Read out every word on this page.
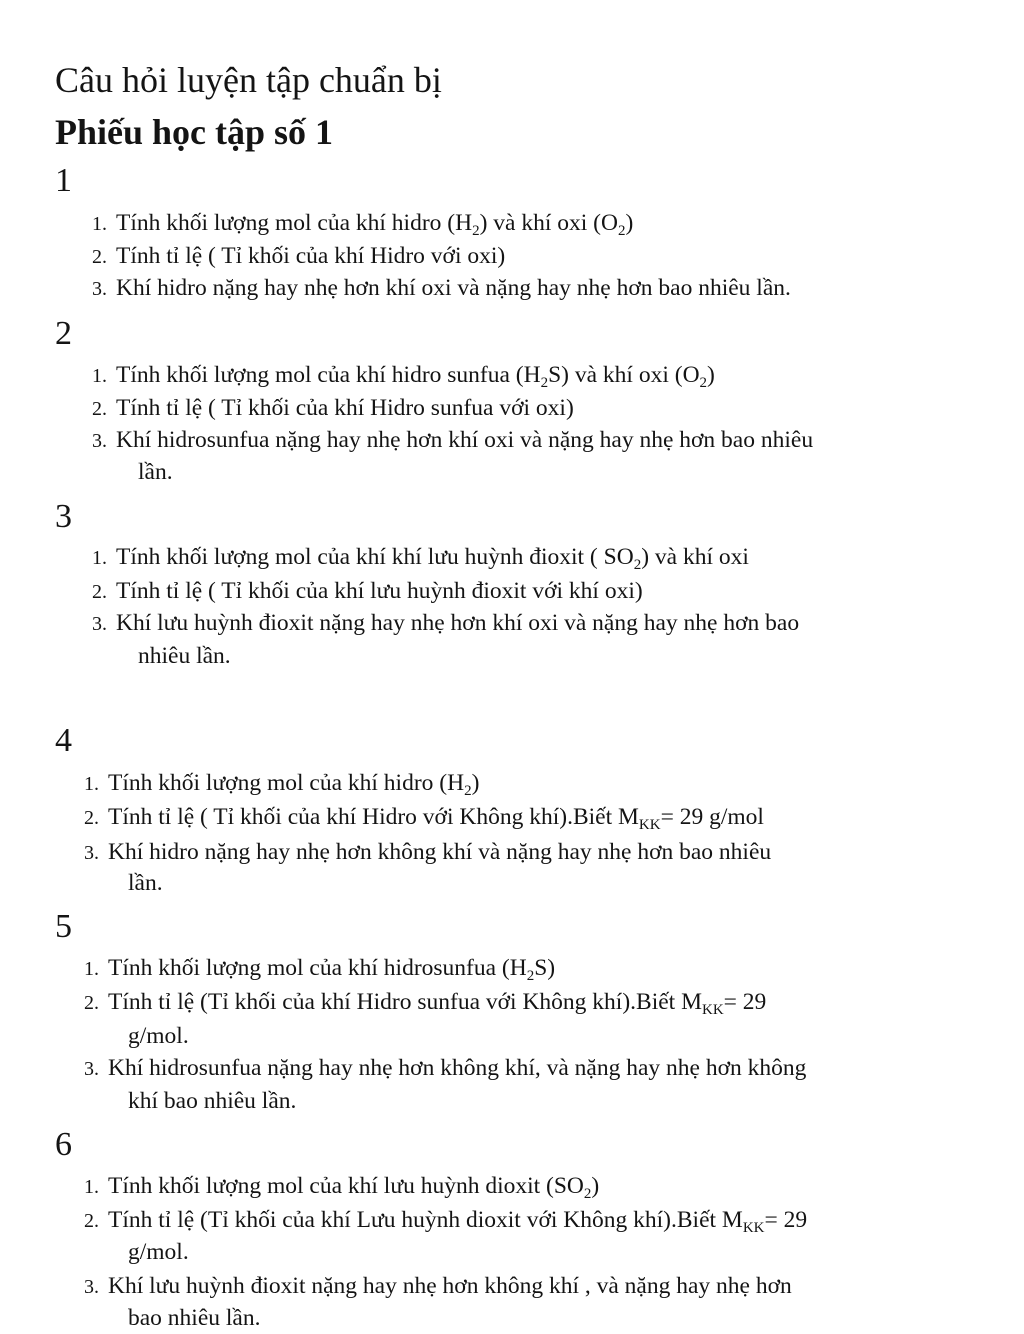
Câu hỏi luyện tập chuẩn bị
Phiếu học tập số 1
1
1. Tính khối lượng mol của khí hidro $(H_2)$ và khí oxi $(O_2)$
2. Tính tỉ lệ ( Tỉ khối của khí Hidro với oxi)
3. Khí hidro nặng hay nhẹ hơn khí oxi và nặng hay nhẹ hơn bao nhiêu lần.
2
1. Tính khối lượng mol của khí hidro sunfua $(H_2S)$ và khí oxi $(O_2)$
2. Tính tỉ lệ ( Tỉ khối của khí Hidro sunfua với oxi)
3. Khí hidrosunfua nặng hay nhẹ hơn khí oxi và nặng hay nhẹ hơn bao nhiêu
lần.
3
1. Tính khối lượng mol của khí khí lưu huỳnh đioxit ( $SO_2$) và khí oxi
2. Tính tỉ lệ ( Tỉ khối của khí lưu huỳnh đioxit với khí oxi)
3. Khí lưu huỳnh đioxit nặng hay nhẹ hơn khí oxi và nặng hay nhẹ hơn bao
nhiêu lần.
4
1. Tính khối lượng mol của khí hidro $(H_2)$
2. Tính tỉ lệ ( Tỉ khối của khí Hidro với Không khí).Biết $M_{KK}= 29$ g/mol
3. Khí hidro nặng hay nhẹ hơn không khí và nặng hay nhẹ hơn bao nhiêu
lần.
5
1. Tính khối lượng mol của khí hidrosunfua $(H_2S)$
2. Tính tỉ lệ (Tỉ khối của khí Hidro sunfua với Không khí).Biết $M_{KK}= 29$
g/mol.
3. Khí hidrosunfua nặng hay nhẹ hơn không khí, và nặng hay nhẹ hơn không
khí bao nhiêu lần.
6
1. Tính khối lượng mol của khí lưu huỳnh dioxit $(SO_2)$
2. Tính tỉ lệ (Tỉ khối của khí Lưu huỳnh dioxit với Không khí).Biết $M_{KK}= 29$
g/mol.
3. Khí lưu huỳnh đioxit nặng hay nhẹ hơn không khí , và nặng hay nhẹ hơn
bao nhiêu lần.
